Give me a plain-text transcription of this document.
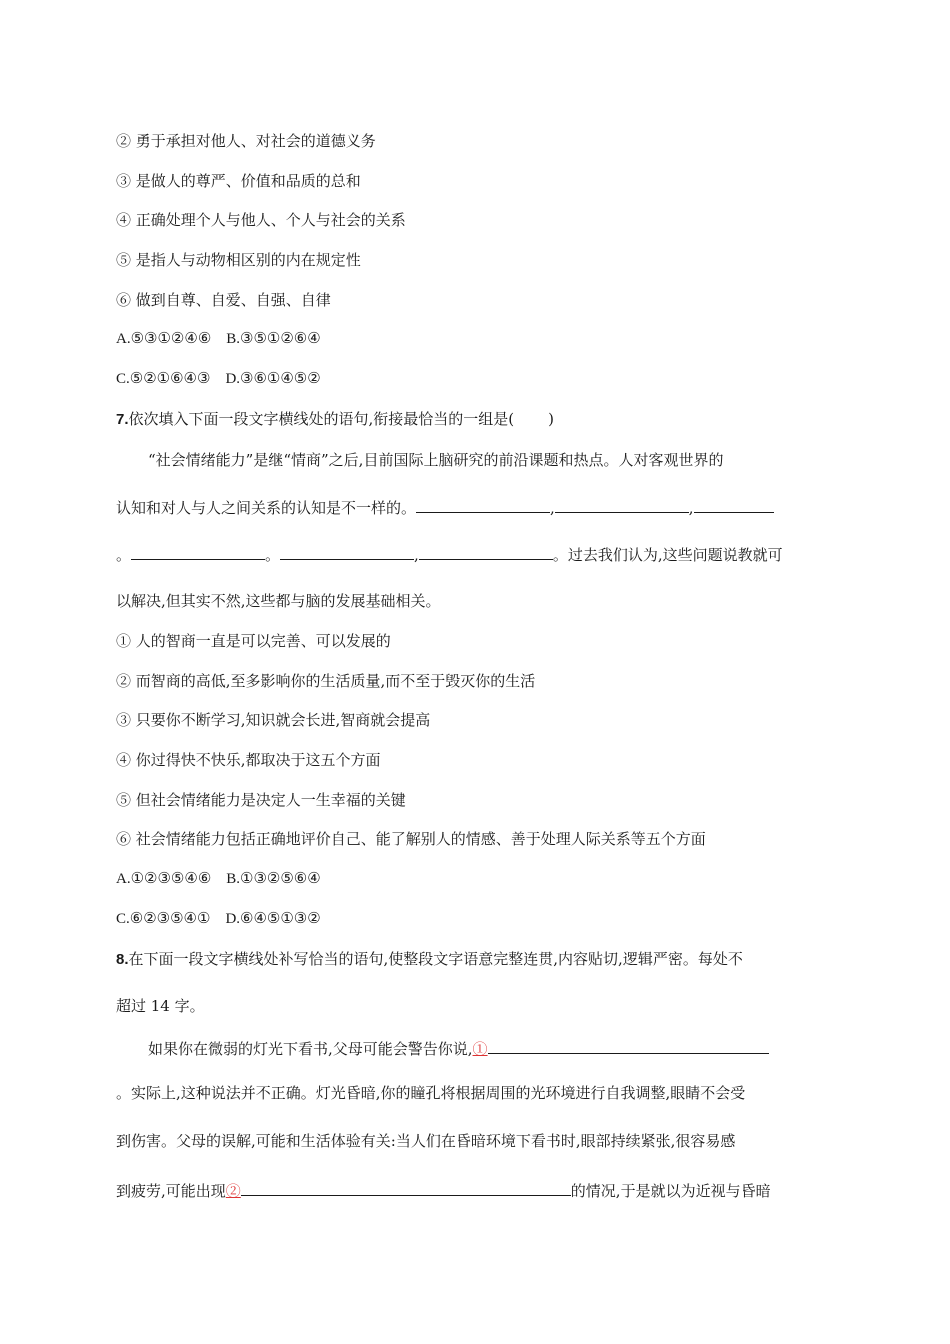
② 勇于承担对他人、对社会的道德义务
③ 是做人的尊严、价值和品质的总和
④ 正确处理个人与他人、个人与社会的关系
⑤ 是指人与动物相区别的内在规定性
⑥ 做到自尊、自爱、自强、自律
A.⑤③①②④⑥　B.③⑤①②⑥④
C.⑤②①⑥④③　D.③⑥①④⑤②
7.依次填入下面一段文字横线处的语句,衔接最恰当的一组是( )
“社会情绪能力”是继“情商”之后,目前国际上脑研究的前沿课题和热点。人对客观世界的
认知和对人与人之间关系的认知是不一样的。	,	,
。	。	,	。过去我们认为,这些问题说教就可
以解决,但其实不然,这些都与脑的发展基础相关。
① 人的智商一直是可以完善、可以发展的
② 而智商的高低,至多影响你的生活质量,而不至于毁灭你的生活
③ 只要你不断学习,知识就会长进,智商就会提高
④ 你过得快不快乐,都取决于这五个方面
⑤ 但社会情绪能力是决定人一生幸福的关键
⑥ 社会情绪能力包括正确地评价自己、能了解别人的情感、善于处理人际关系等五个方面
A.①②③⑤④⑥　B.①③②⑤⑥④
C.⑥②③⑤④①　D.⑥④⑤①③②
8.在下面一段文字横线处补写恰当的语句,使整段文字语意完整连贯,内容贴切,逻辑严密。每处不
超过 14 字。
如果你在微弱的灯光下看书,父母可能会警告你说,①
。实际上,这种说法并不正确。灯光昏暗,你的瞳孔将根据周围的光环境进行自我调整,眼睛不会受
到伤害。父母的误解,可能和生活体验有关:当人们在昏暗环境下看书时,眼部持续紧张,很容易感
到疲劳,可能出现②	的情况,于是就以为近视与昏暗
